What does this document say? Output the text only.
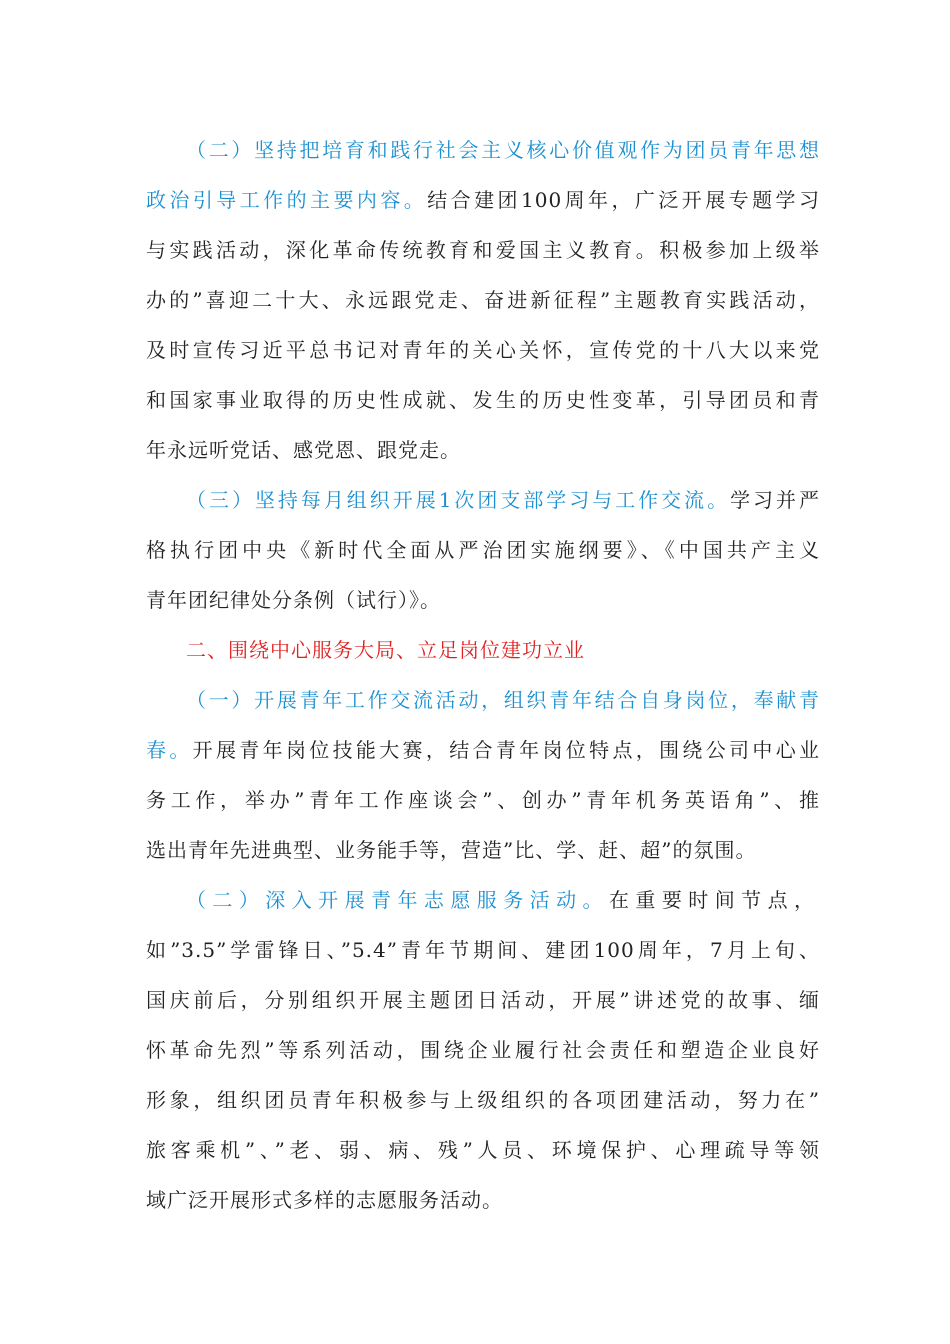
（二）坚持把培育和践行社会主义核心价值观作为团员青年思想
政治引导工作的主要内容。结合建团100周年，广泛开展专题学习
与实践活动，深化革命传统教育和爱国主义教育。积极参加上级举
办的”喜迎二十大、永远跟党走、奋进新征程”主题教育实践活动，
及时宣传习近平总书记对青年的关心关怀，宣传党的十八大以来党
和国家事业取得的历史性成就、发生的历史性变革，引导团员和青
年永远听党话、感党恩、跟党走。
（三）坚持每月组织开展1次团支部学习与工作交流。学习并严
格执行团中央《新时代全面从严治团实施纲要》、《中国共产主义
青年团纪律处分条例（试行）》。
二、围绕中心服务大局、立足岗位建功立业
（一）开展青年工作交流活动，组织青年结合自身岗位，奉献青
春。开展青年岗位技能大赛，结合青年岗位特点，围绕公司中心业
务工作，举办”青年工作座谈会”、创办”青年机务英语角”、推
选出青年先进典型、业务能手等，营造”比、学、赶、超”的氛围。
（二）深入开展青年志愿服务活动。在重要时间节点，
如”3.5”学雷锋日、”5.4”青年节期间、建团100周年，7月上旬、
国庆前后，分别组织开展主题团日活动，开展”讲述党的故事、缅
怀革命先烈”等系列活动，围绕企业履行社会责任和塑造企业良好
形象，组织团员青年积极参与上级组织的各项团建活动，努力在”
旅客乘机”、”老、弱、病、残”人员、环境保护、心理疏导等领
域广泛开展形式多样的志愿服务活动。
